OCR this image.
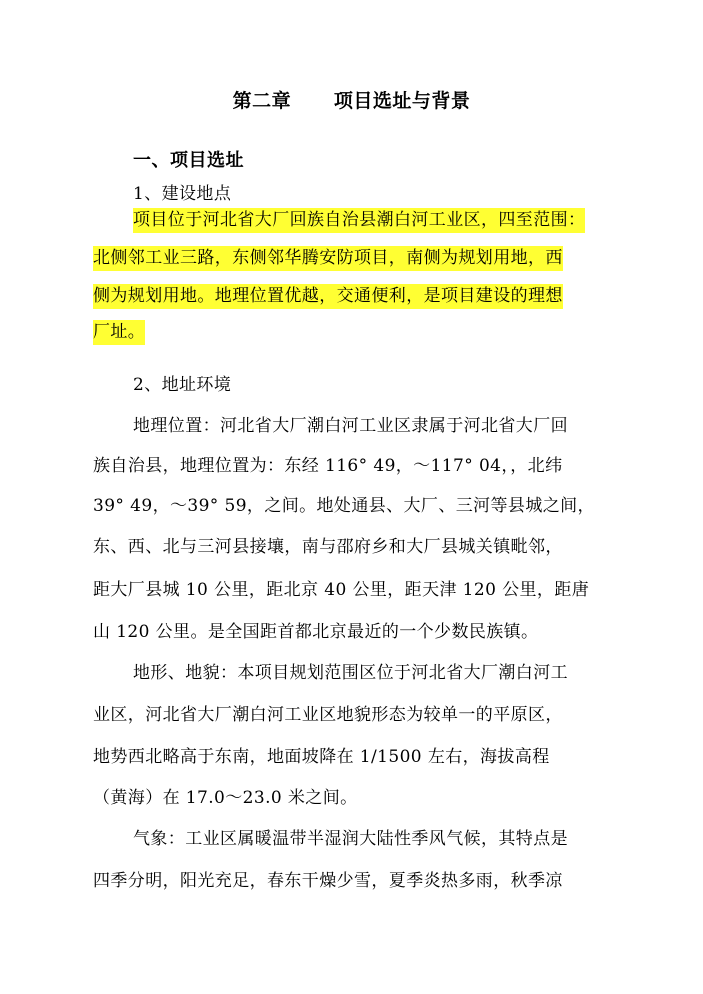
第二章      项目选址与背景
一、项目选址
1、建设地点
项目位于河北省大厂回族自治县潮白河工业区，四至范围：
北侧邻工业三路，东侧邻华腾安防项目，南侧为规划用地，西
侧为规划用地。地理位置优越，交通便利，是项目建设的理想
厂址。
2、地址环境
地理位置：河北省大厂潮白河工业区隶属于河北省大厂回
族自治县，地理位置为：东经 116° 49，～117° 04，，北纬
39° 49，～39° 59，之间。地处通县、大厂、三河等县城之间，
东、西、北与三河县接壤，南与邵府乡和大厂县城关镇毗邻，
距大厂县城 10 公里，距北京 40 公里，距天津 120 公里，距唐
山 120 公里。是全国距首都北京最近的一个少数民族镇。
地形、地貌：本项目规划范围区位于河北省大厂潮白河工
业区，河北省大厂潮白河工业区地貌形态为较单一的平原区，
地势西北略高于东南，地面坡降在 1/1500 左右，海拔高程
（黄海）在 17.0～23.0 米之间。
气象：工业区属暖温带半湿润大陆性季风气候，其特点是
四季分明，阳光充足，春东干燥少雪，夏季炎热多雨，秋季凉
